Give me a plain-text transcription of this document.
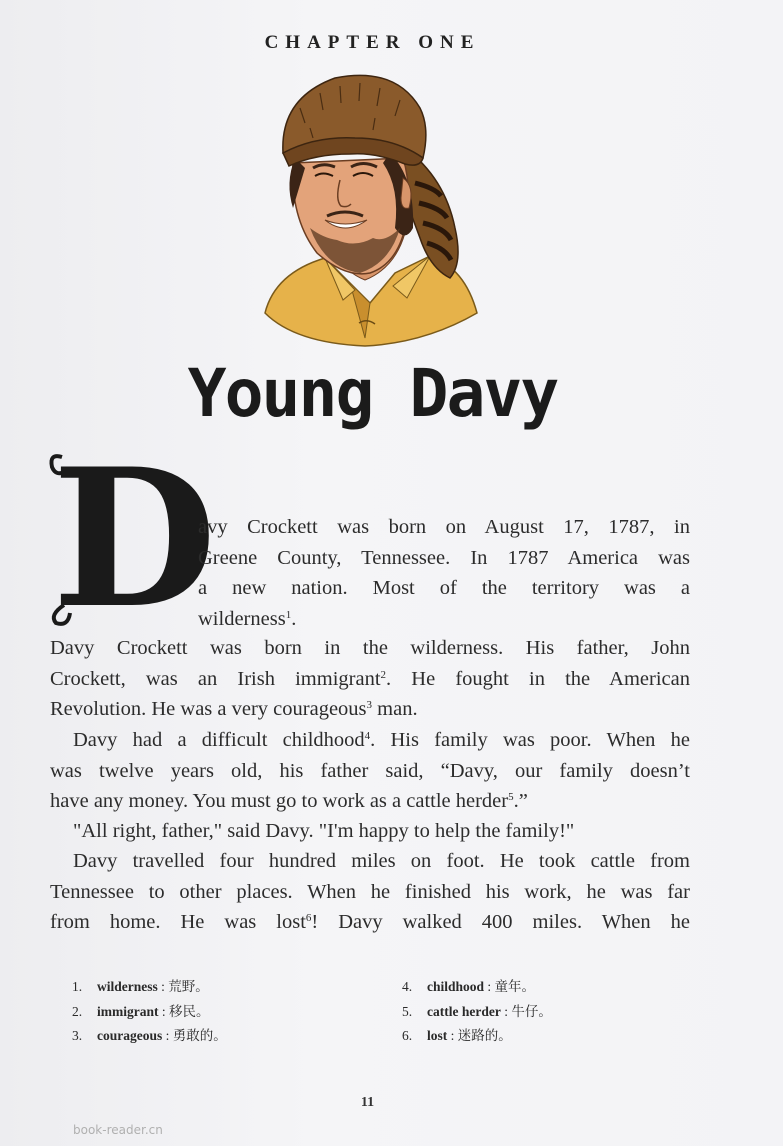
CHAPTER ONE
Young Davy
D
avy Crockett was born on August 17, 1787, in
Greene County, Tennessee. In 1787 America was
a new nation. Most of the territory was a
wilderness$^1$.
Davy Crockett was born in the wilderness. His father, John
Crockett, was an Irish immigrant$^2$. He fought in the American
Revolution. He was a very courageous$^3$ man.
Davy had a difficult childhood$^4$. His family was poor. When he
was twelve years old, his father said, “Davy, our family doesn’t
have any money. You must go to work as a cattle herder$^5$.”
"All right, father," said Davy. "I'm happy to help the family!"
Davy travelled four hundred miles on foot. He took cattle from
Tennessee to other places. When he finished his work, he was far
from home. He was lost$^6$! Davy walked 400 miles. When he
1. wilderness : 荒野。
2. immigrant : 移民。
3. courageous : 勇敢的。
4. childhood : 童年。
5. cattle herder : 牛仔。
6. lost : 迷路的。
11
book-reader.cn
